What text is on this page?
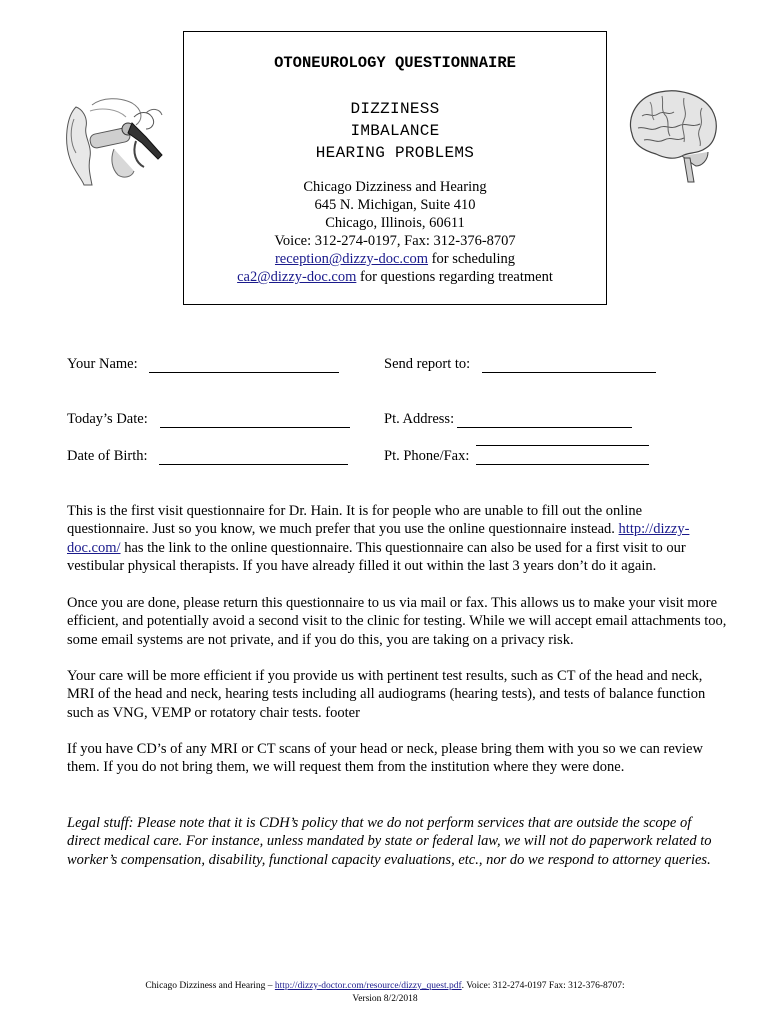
OTONEUROLOGY QUESTIONNAIRE
DIZZINESS
IMBALANCE
HEARING PROBLEMS
Chicago Dizziness and Hearing
645 N. Michigan, Suite 410
Chicago, Illinois, 60611
Voice: 312-274-0197, Fax: 312-376-8707
reception@dizzy-doc.com for scheduling
ca2@dizzy-doc.com for questions regarding treatment
Your Name:	Send report to:
Today’s Date:	Pt. Address:
Date of Birth:	Pt. Phone/Fax:
This is the first visit questionnaire for Dr. Hain. It is for people who are unable to fill out the online questionnaire. Just so you know, we much prefer that you use the online questionnaire instead. http://dizzy-doc.com/ has the link to the online questionnaire. This questionnaire can also be used for a first visit to our vestibular physical therapists. If you have already filled it out within the last 3 years don’t do it again.
Once you are done, please return this questionnaire to us via mail or fax. This allows us to make your visit more efficient, and potentially avoid a second visit to the clinic for testing. While we will accept email attachments too, some email systems are not private, and if you do this, you are taking on a privacy risk.
Your care will be more efficient if you provide us with pertinent test results, such as CT of the head and neck, MRI of the head and neck, hearing tests including all audiograms (hearing tests), and tests of balance function such as VNG, VEMP or rotatory chair tests. footer
If you have CD’s of any MRI or CT scans of your head or neck, please bring them with you so we can review them. If you do not bring them, we will request them from the institution where they were done.
Legal stuff: Please note that it is CDH’s policy that we do not perform services that are outside the scope of direct medical care. For instance, unless mandated by state or federal law, we will not do paperwork related to worker’s compensation, disability, functional capacity evaluations, etc., nor do we respond to attorney queries.
Chicago Dizziness and Hearing – http://dizzy-doctor.com/resource/dizzy_quest.pdf. Voice: 312-274-0197 Fax: 312-376-8707:
Version 8/2/2018
